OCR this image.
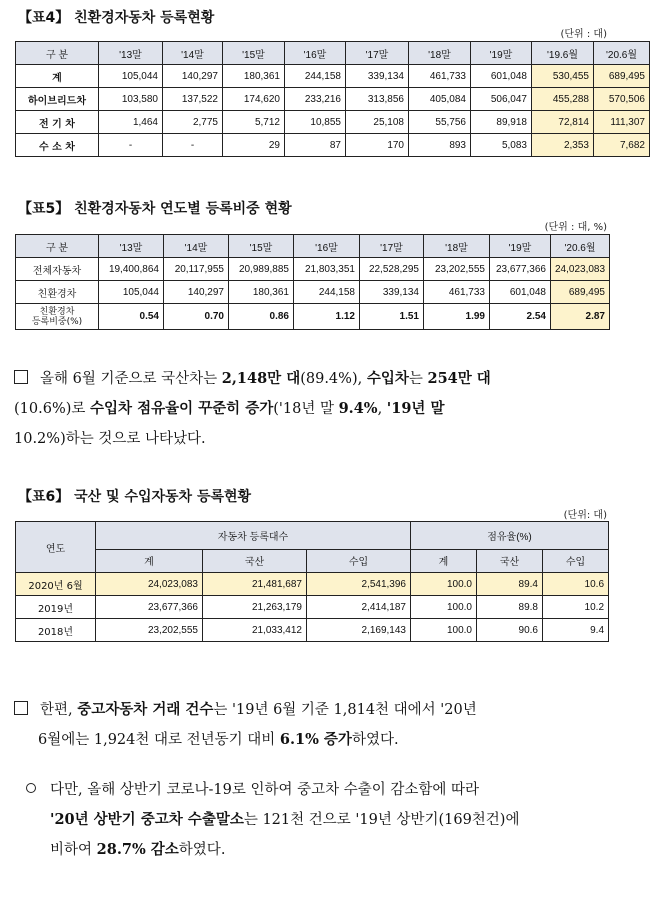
【표4】 친환경자동차 등록현황
(단위 : 대)
구 분	'13말	'14말	'15말	'16말	'17말	'18말	'19말	'19.6월	'20.6월
계	105,044	140,297	180,361	244,158	339,134	461,733	601,048	530,455	689,495
하이브리드차	103,580	137,522	174,620	233,216	313,856	405,084	506,047	455,288	570,506
전 기 차	1,464	2,775	5,712	10,855	25,108	55,756	89,918	72,814	111,307
수 소 차	-	-	29	87	170	893	5,083	2,353	7,682
【표5】 친환경자동차 연도별 등록비중 현황
(단위 : 대, %)
구 분	'13말	'14말	'15말	'16말	'17말	'18말	'19말	'20.6월
전체자동차	19,400,864	20,117,955	20,989,885	21,803,351	22,528,295	23,202,555	23,677,366	24,023,083
친환경차	105,044	140,297	180,361	244,158	339,134	461,733	601,048	689,495
친환경차
등록비중(%)	0.54	0.70	0.86	1.12	1.51	1.99	2.54	2.87
올해 6월 기준으로 국산차는 2,148만 대(89.4%), 수입차는 254만 대
(10.6%)로 수입차 점유율이 꾸준히 증가('18년 말 9.4%, '19년 말
10.2%)하는 것으로 나타났다.
【표6】 국산 및 수입자동차 등록현황
(단위: 대)
연도	자동차 등록대수			점유율(%)		
	계	국산	수입	계	국산	수입
2020년 6월	24,023,083	21,481,687	2,541,396	100.0	89.4	10.6
2019년	23,677,366	21,263,179	2,414,187	100.0	89.8	10.2
2018년	23,202,555	21,033,412	2,169,143	100.0	90.6	9.4
한편, 중고자동차 거래 건수는 '19년 6월 기준 1,814천 대에서 '20년
6월에는 1,924천 대로 전년동기 대비 6.1% 증가하였다.
다만, 올해 상반기 코로나-19로 인하여 중고차 수출이 감소함에 따라
'20년 상반기 중고차 수출말소는 121천 건으로 '19년 상반기(169천건)에
비하여 28.7% 감소하였다.
